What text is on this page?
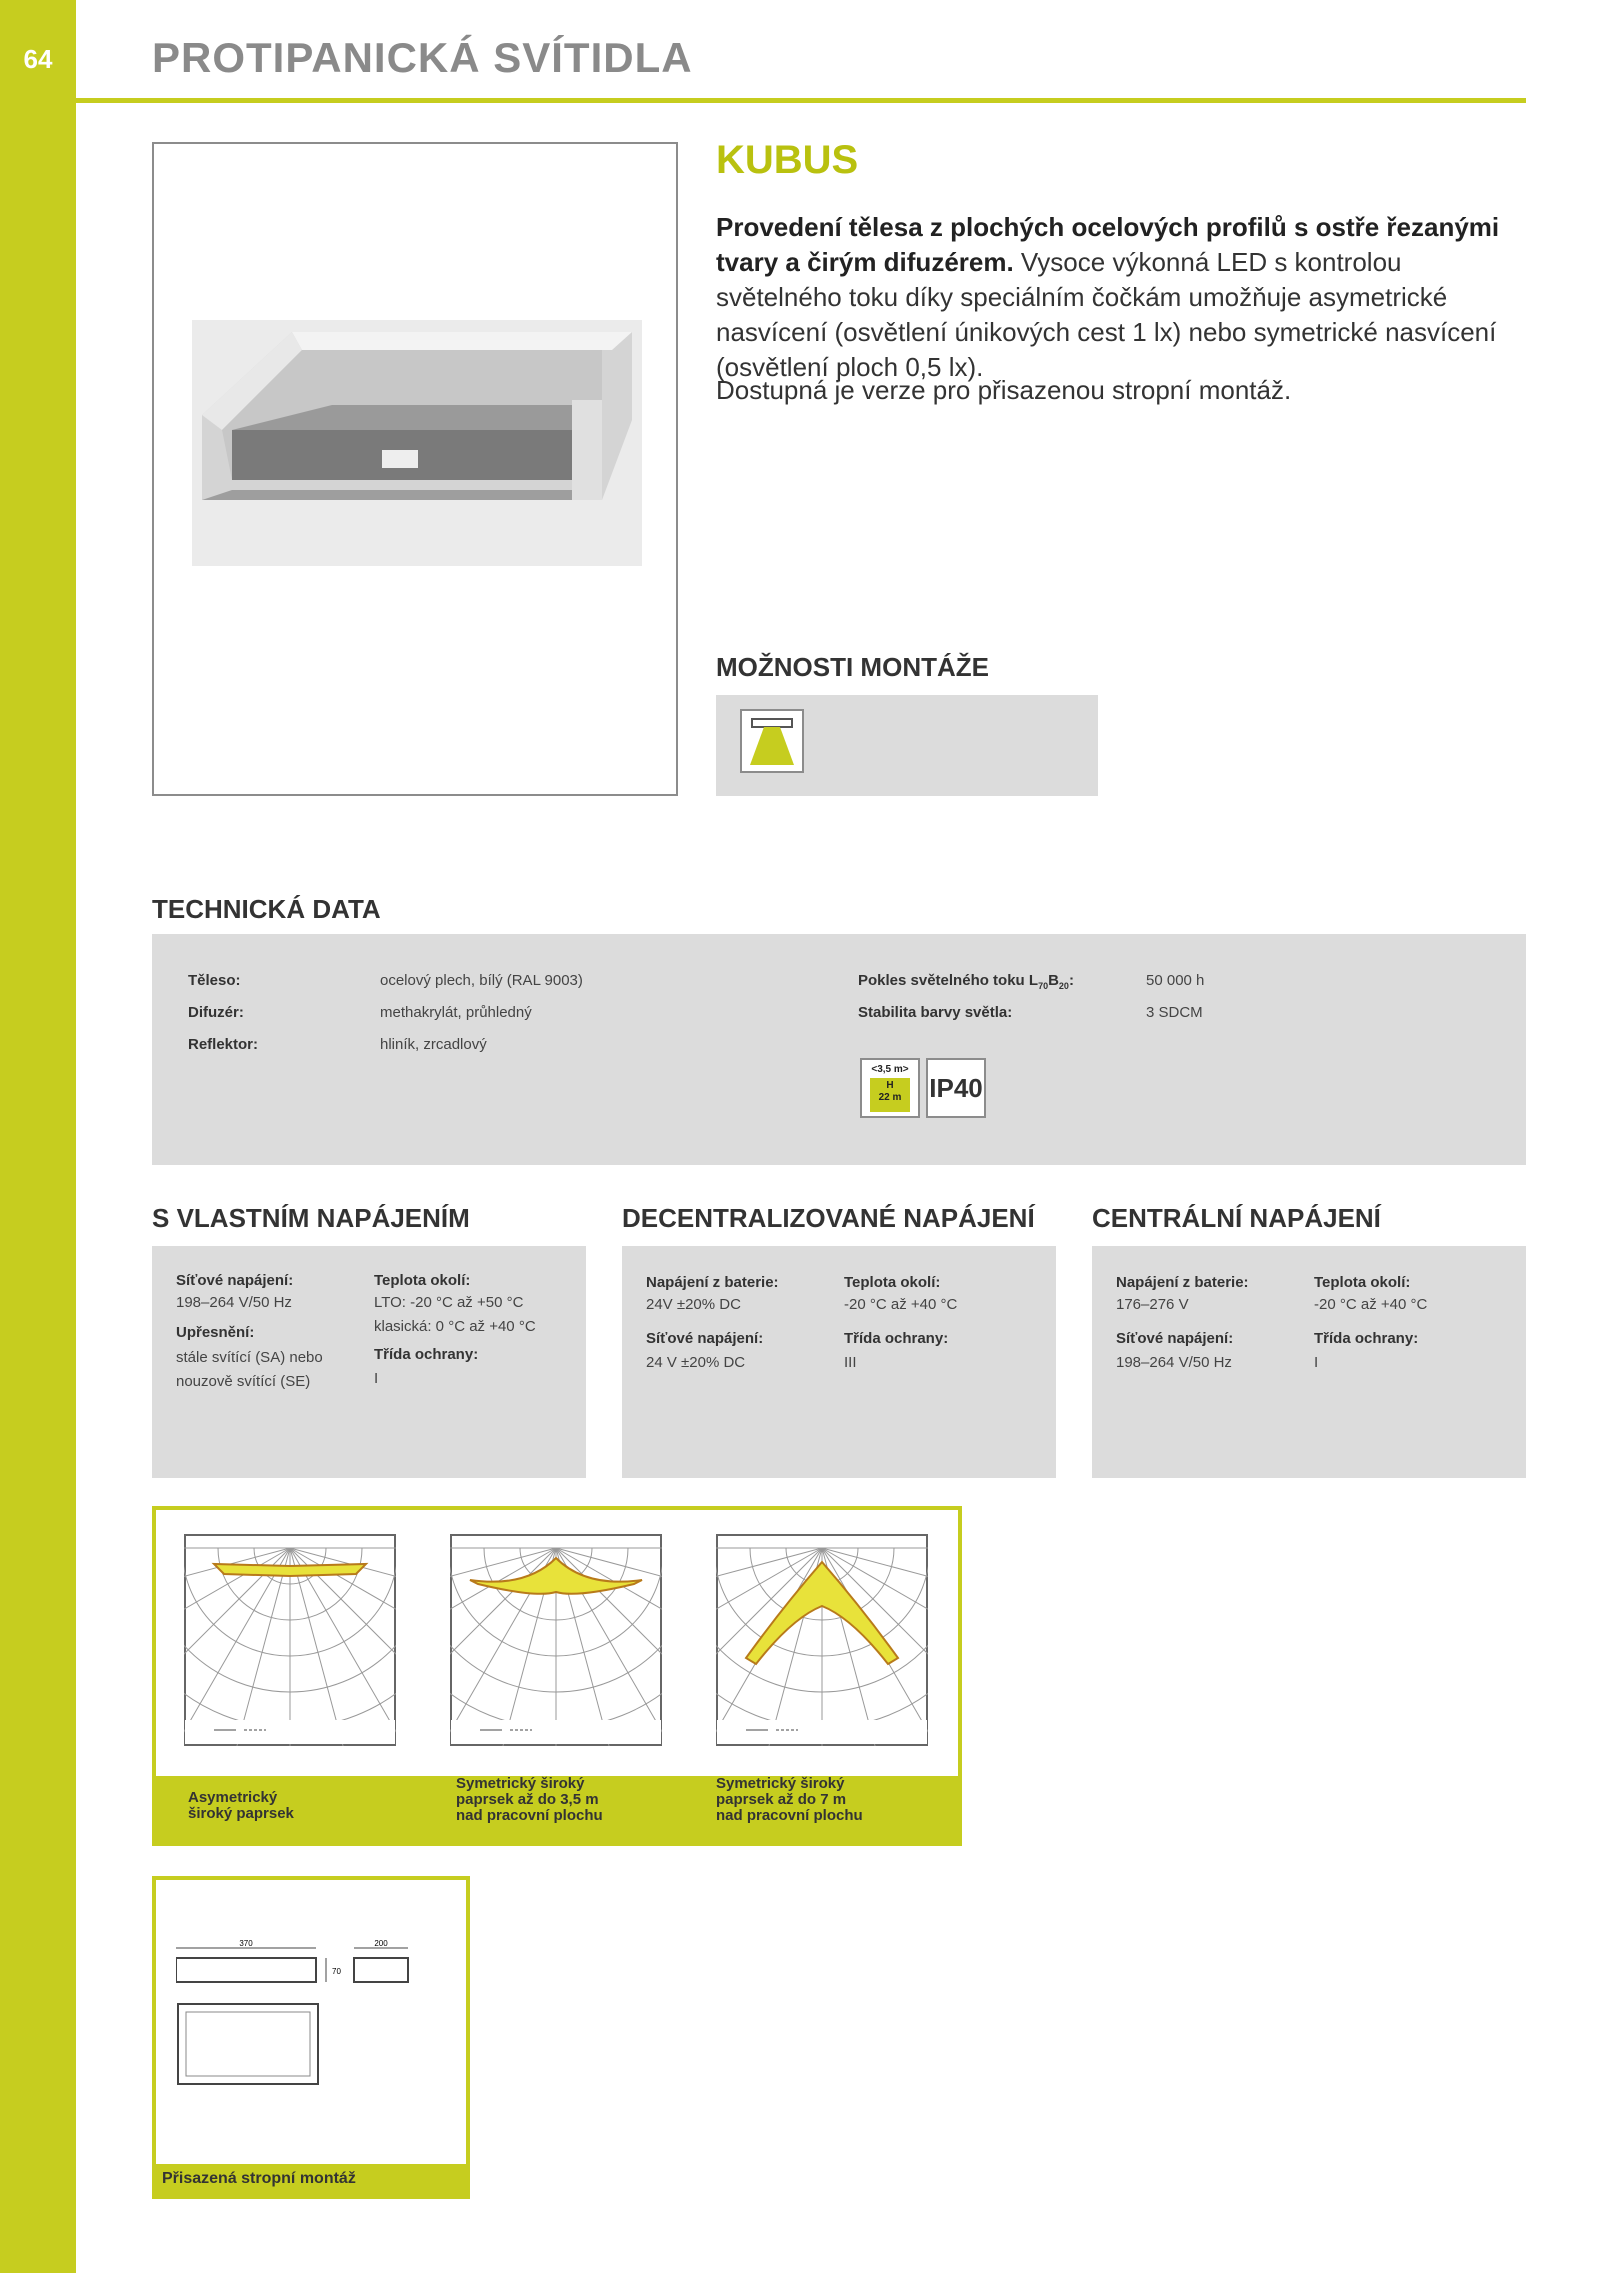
64	PROTIPANICKÁ SVÍTIDLA
KUBUS
Provedení tělesa z plochých ocelových profilů s ostře řezanými tvary a čirým difuzérem. Vysoce výkonná LED s kontrolou světelného toku díky speciálním čočkám umožňuje asymetrické nasvícení (osvětlení únikových cest 1 lx) nebo symetrické nasvícení (osvětlení ploch 0,5 lx).
Dostupná je verze pro přisazenou stropní montáž.
MOŽNOSTI MONTÁŽE
TECHNICKÁ DATA
Těleso:	ocelový plech, bílý (RAL 9003)
Difuzér:	methakrylát, průhledný
Reflektor:	hliník, zrcadlový
Pokles světelného toku $L_{70}B_{20}$:	50 000 h
Stabilita barvy světla:	3 SDCM
<3,5 m>
H
22 m	IP40
S VLASTNÍM NAPÁJENÍM
Síťové napájení:
198–264 V/50 Hz
Upřesnění:
stále svítící (SA) nebo nouzově svítící (SE)
Teplota okolí:
LTO: -20 °C až +50 °C
klasická: 0 °C až +40 °C
Třída ochrany:
I
DECENTRALIZOVANÉ NAPÁJENÍ
Napájení z baterie:
24V ±20% DC
Síťové napájení:
24 V ±20% DC
Teplota okolí:
-20 °C až +40 °C
Třída ochrany:
III
CENTRÁLNÍ NAPÁJENÍ
Napájení z baterie:
176–276 V
Síťové napájení:
198–264 V/50 Hz
Teplota okolí:
-20 °C až +40 °C
Třída ochrany:
I
Asymetrický
široký paprsek
Symetrický široký
paprsek až do 3,5 m
nad pracovní plochu
Symetrický široký
paprsek až do 7 m
nad pracovní plochu
370
70
200
Přisazená stropní montáž
